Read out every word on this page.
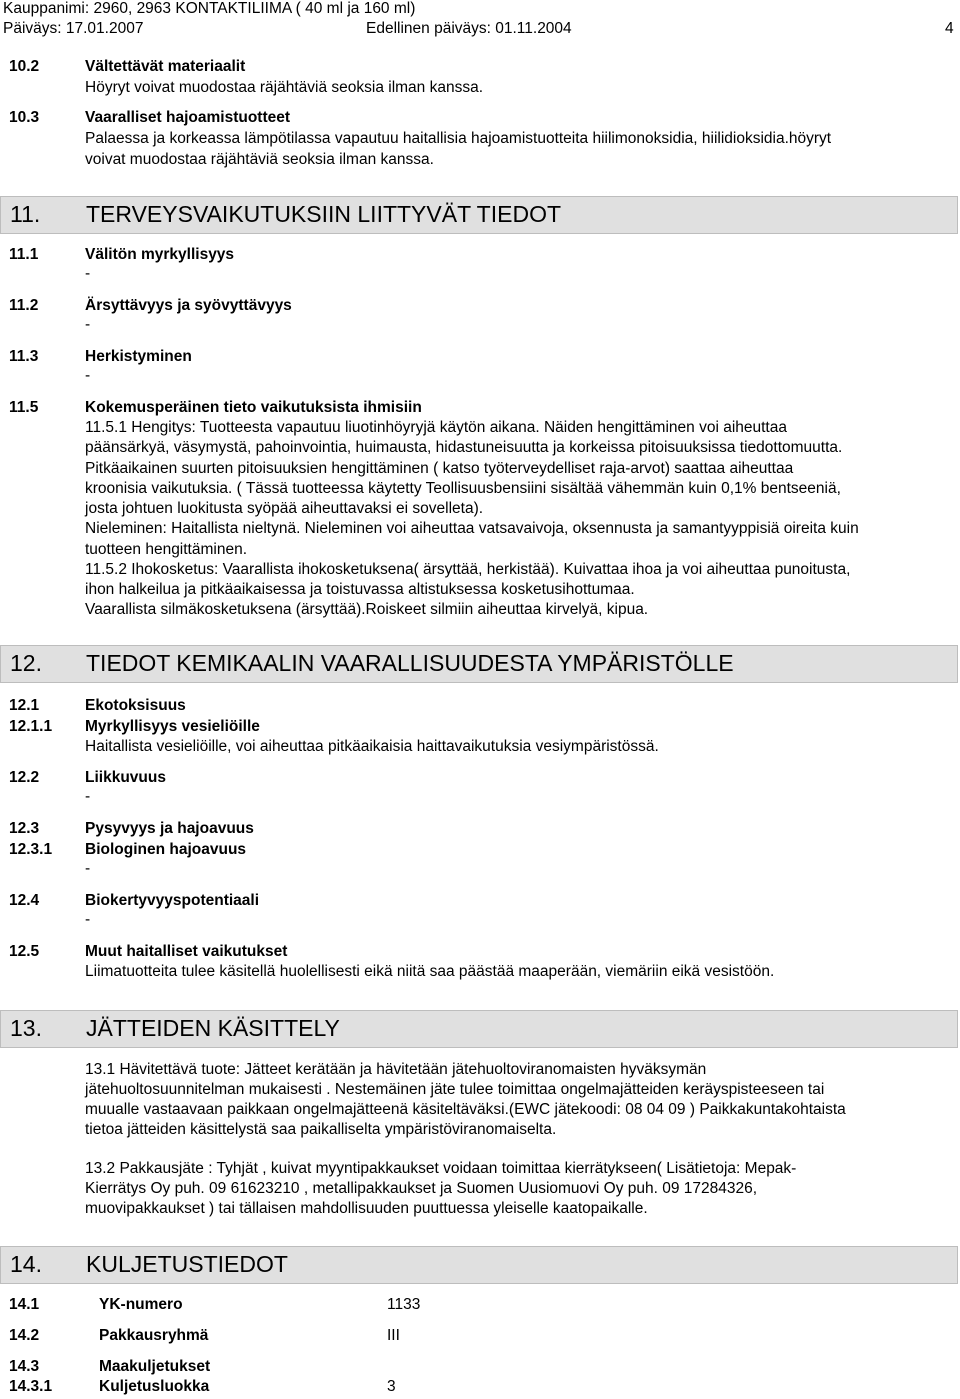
Kauppanimi: 2960, 2963 KONTAKTILIIMA ( 40 ml ja 160 ml)
Päiväys: 17.01.2007	Edellinen päiväys: 01.11.2004	4
10.2	Vältettävät materiaalit
Höyryt voivat muodostaa räjähtäviä seoksia ilman kanssa.
10.3	Vaaralliset hajoamistuotteet
Palaessa ja korkeassa lämpötilassa vapautuu haitallisia hajoamistuotteita hiilimonoksidia, hiilidioksidia.höyryt
voivat muodostaa räjähtäviä seoksia ilman kanssa.
11. TERVEYSVAIKUTUKSIIN LIITTYVÄT TIEDOT
11.1	Välitön myrkyllisyys
-
11.2	Ärsyttävyys ja syövyttävyys
-
11.3	Herkistyminen
-
11.5	Kokemusperäinen tieto vaikutuksista ihmisiin
11.5.1 Hengitys: Tuotteesta vapautuu liuotinhöyryjä käytön aikana. Näiden hengittäminen voi aiheuttaa
päänsärkyä, väsymystä, pahoinvointia, huimausta, hidastuneisuutta ja korkeissa pitoisuuksissa tiedottomuutta.
Pitkäaikainen suurten pitoisuuksien hengittäminen ( katso työterveydelliset raja-arvot) saattaa aiheuttaa
kroonisia vaikutuksia. ( Tässä tuotteessa käytetty Teollisuusbensiini sisältää vähemmän kuin 0,1% bentseeniä,
josta johtuen luokitusta syöpää aiheuttavaksi ei sovelleta).
Nieleminen: Haitallista nieltynä. Nieleminen voi aiheuttaa vatsavaivoja, oksennusta ja samantyyppisiä oireita kuin
tuotteen hengittäminen.
11.5.2 Ihokosketus: Vaarallista ihokosketuksena( ärsyttää, herkistää). Kuivattaa ihoa ja voi aiheuttaa punoitusta,
ihon halkeilua ja pitkäaikaisessa ja toistuvassa altistuksessa kosketusihottumaa.
Vaarallista silmäkosketuksena (ärsyttää).Roiskeet silmiin aiheuttaa kirvelyä, kipua.
12. TIEDOT KEMIKAALIN VAARALLISUUDESTA YMPÄRISTÖLLE
12.1	Ekotoksisuus
12.1.1 Myrkyllisyys vesieliöille
Haitallista vesieliöille, voi aiheuttaa pitkäaikaisia haittavaikutuksia vesiympäristössä.
12.2	Liikkuvuus
-
12.3	Pysyvyys ja hajoavuus
12.3.1 Biologinen hajoavuus
-
12.4	Biokertyvyyspotentiaali
-
12.5	Muut haitalliset vaikutukset
Liimatuotteita tulee käsitellä huolellisesti eikä niitä saa päästää maaperään, viemäriin eikä vesistöön.
13. JÄTTEIDEN KÄSITTELY
13.1 Hävitettävä tuote: Jätteet kerätään ja hävitetään jätehuoltoviranomaisten hyväksymän
jätehuoltosuunnitelman mukaisesti . Nestemäinen jäte tulee toimittaa ongelmajätteiden keräyspisteeseen tai
muualle vastaavaan paikkaan ongelmajätteenä käsiteltäväksi.(EWC jätekoodi: 08 04 09 ) Paikkakuntakohtaista
tietoa jätteiden käsittelystä saa paikalliselta ympäristöviranomaiselta.
13.2 Pakkausjäte : Tyhjät , kuivat myyntipakkaukset voidaan toimittaa kierrätykseen( Lisätietoja: Mepak-
Kierrätys Oy puh. 09 61623210 , metallipakkaukset ja Suomen Uusiomuovi Oy puh. 09 17284326,
muovipakkaukset ) tai tällaisen mahdollisuuden puuttuessa yleiselle kaatopaikalle.
14. KULJETUSTIEDOT
14.1	YK-numero	1133
14.2	Pakkausryhmä	III
14.3	Maakuljetukset
14.3.1	Kuljetusluokka	3
